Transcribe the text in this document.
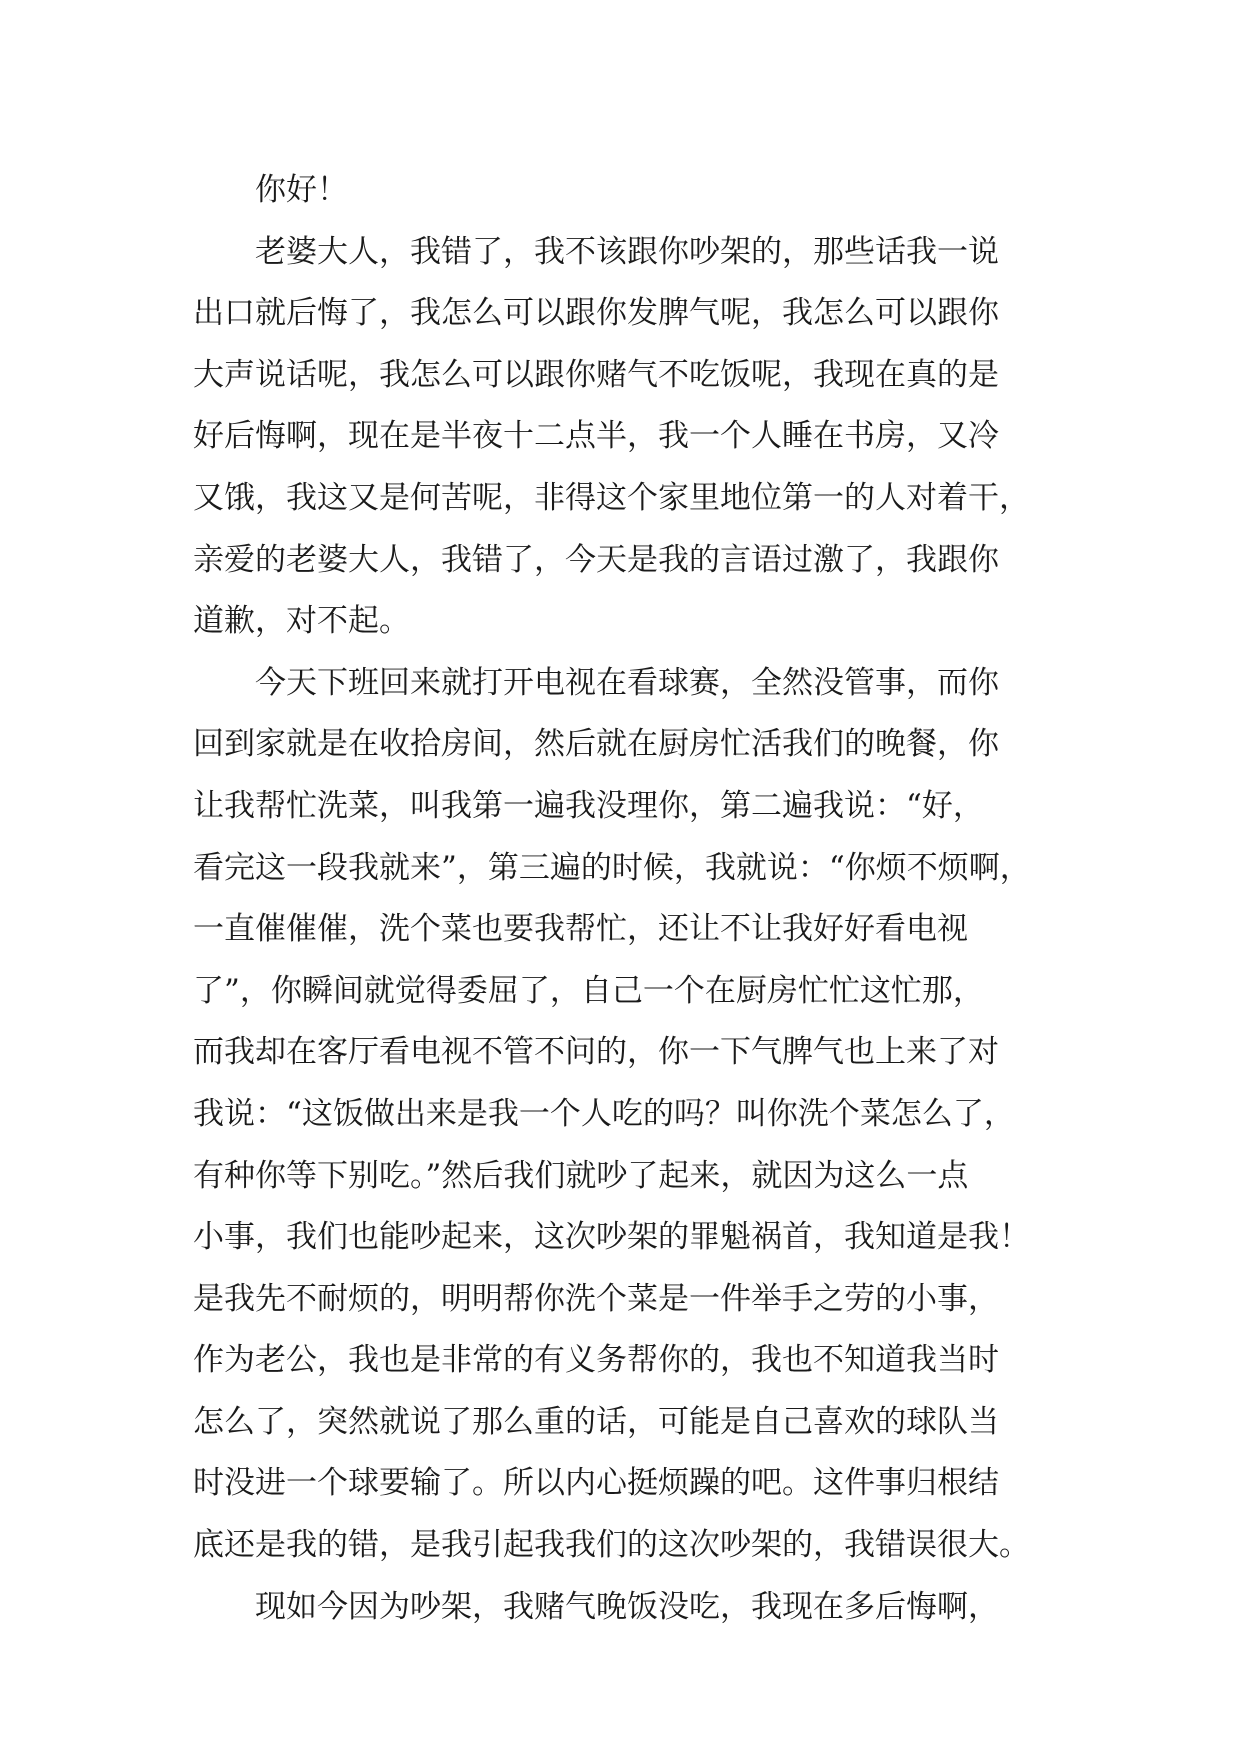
你好！
老婆大人，我错了，我不该跟你吵架的，那些话我一说
出口就后悔了，我怎么可以跟你发脾气呢，我怎么可以跟你
大声说话呢，我怎么可以跟你赌气不吃饭呢，我现在真的是
好后悔啊，现在是半夜十二点半，我一个人睡在书房，又冷
又饿，我这又是何苦呢，非得这个家里地位第一的人对着干，
亲爱的老婆大人，我错了，今天是我的言语过激了，我跟你
道歉，对不起。
今天下班回来就打开电视在看球赛，全然没管事，而你
回到家就是在收拾房间，然后就在厨房忙活我们的晚餐，你
让我帮忙洗菜，叫我第一遍我没理你，第二遍我说：“好，
看完这一段我就来”，第三遍的时候，我就说：“你烦不烦啊，
一直催催催，洗个菜也要我帮忙，还让不让我好好看电视
了”，你瞬间就觉得委屈了，自己一个在厨房忙忙这忙那，
而我却在客厅看电视不管不问的，你一下气脾气也上来了对
我说：“这饭做出来是我一个人吃的吗？叫你洗个菜怎么了，
有种你等下别吃。”然后我们就吵了起来，就因为这么一点
小事，我们也能吵起来，这次吵架的罪魁祸首，我知道是我！
是我先不耐烦的，明明帮你洗个菜是一件举手之劳的小事，
作为老公，我也是非常的有义务帮你的，我也不知道我当时
怎么了，突然就说了那么重的话，可能是自己喜欢的球队当
时没进一个球要输了。所以内心挺烦躁的吧。这件事归根结
底还是我的错，是我引起我我们的这次吵架的，我错误很大。
现如今因为吵架，我赌气晚饭没吃，我现在多后悔啊，
